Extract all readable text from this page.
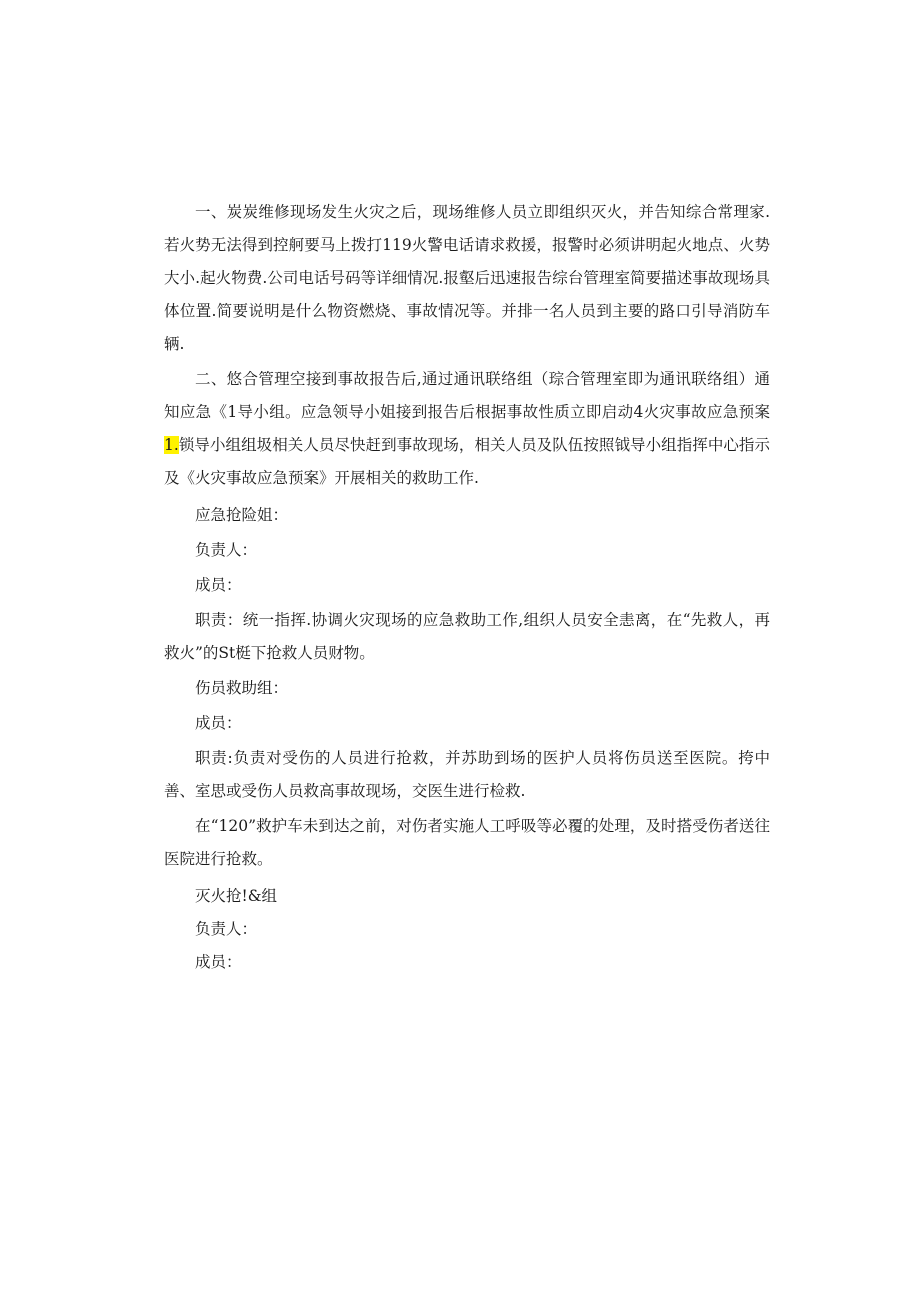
一、炭炭维修现场发生火灾之后，现场维修人员立即组织灭火，并告知综合常理家.若火势无法得到控舸要马上拨打119火警电话请求救援，报警时必须讲明起火地点、火势大小.起火物费.公司电话号码等详细情况.报壑后迅速报告综台管理室简要描述事故现场具体位置.简要说明是什么物资燃烧、事故情况等。并排一名人员到主要的路口引导消防车辆.

二、悠合管理空接到事故报告后,通过通讯联络组（琮合管理室即为通讯联络组）通知应急《1导小组。应急领导小姐接到报告后根据事故性质立即启动4火灾事故应急预案1.锁导小组组圾相关人员尽快赶到事故现场，相关人员及队伍按照钺导小组指挥中心指示及《火灾事故应急预案》开展相关的救助工作.

应急抢险姐：

负责人：

成员：

职责：统一指挥.协调火灾现场的应急救助工作,组织人员安全恚离，在“先救人，再救火”的St梃下抢救人员财物。

伤员救助组：

成员：

职责:负责对受伤的人员进行抢救，并苏助到场的医护人员将伤员送至医院。挎中善、室思或受伤人员救高事故现场，交医生进行检救.

在“120”救护车未到达之前，对伤者实施人工呼吸等必覆的处理，及时搭受伤者送往医院进行抢救。

灭火抢!&组

负责人：

成员：
